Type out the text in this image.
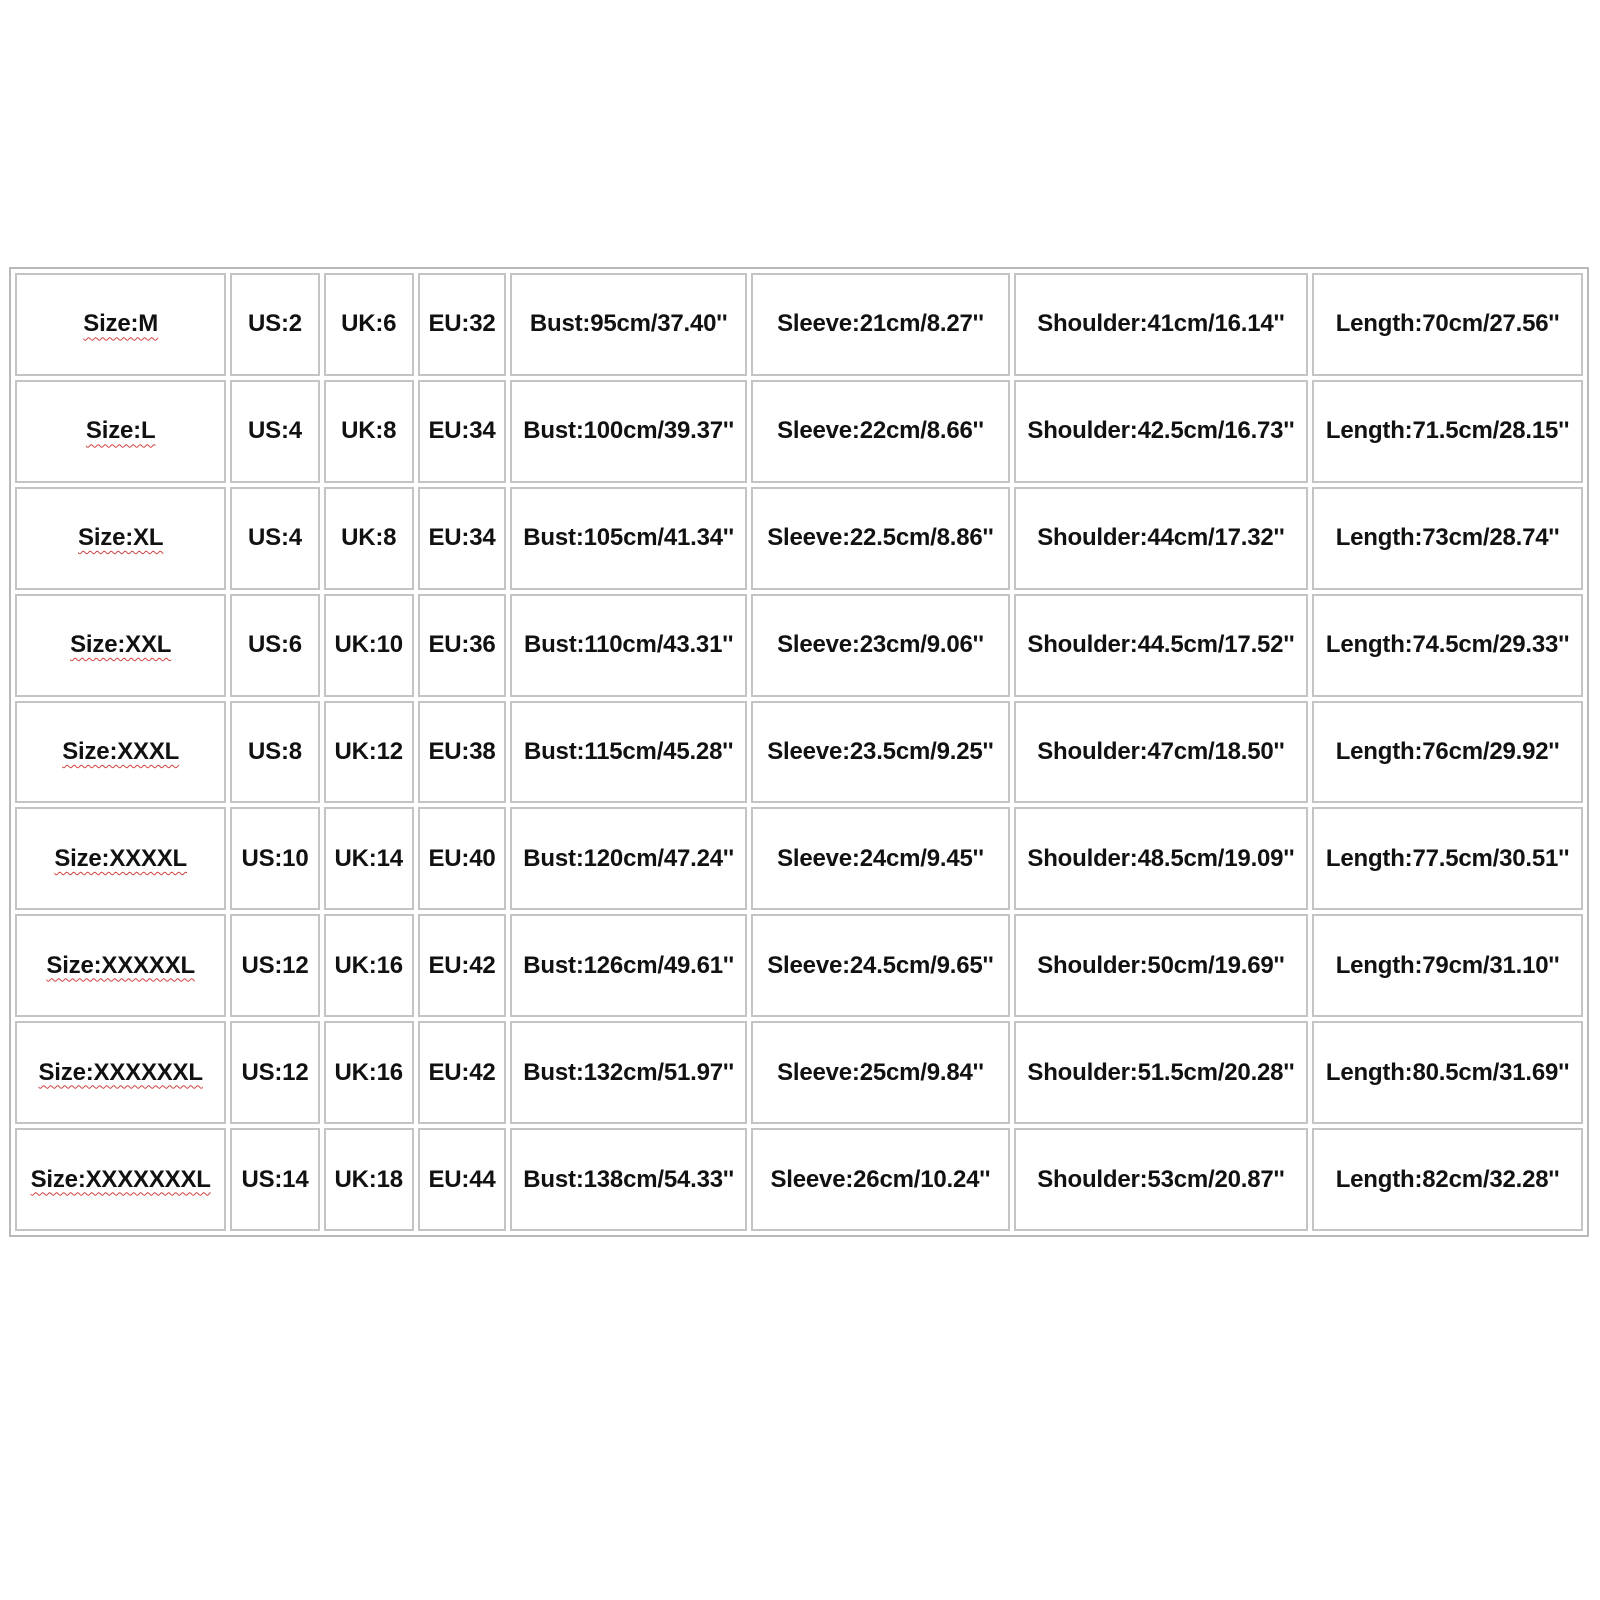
Size:M	US:2	UK:6	EU:32	Bust:95cm/37.40''	Sleeve:21cm/8.27''	Shoulder:41cm/16.14''	Length:70cm/27.56''
Size:L	US:4	UK:8	EU:34	Bust:100cm/39.37''	Sleeve:22cm/8.66''	Shoulder:42.5cm/16.73''	Length:71.5cm/28.15''
Size:XL	US:4	UK:8	EU:34	Bust:105cm/41.34''	Sleeve:22.5cm/8.86''	Shoulder:44cm/17.32''	Length:73cm/28.74''
Size:XXL	US:6	UK:10	EU:36	Bust:110cm/43.31''	Sleeve:23cm/9.06''	Shoulder:44.5cm/17.52''	Length:74.5cm/29.33''
Size:XXXL	US:8	UK:12	EU:38	Bust:115cm/45.28''	Sleeve:23.5cm/9.25''	Shoulder:47cm/18.50''	Length:76cm/29.92''
Size:XXXXL	US:10	UK:14	EU:40	Bust:120cm/47.24''	Sleeve:24cm/9.45''	Shoulder:48.5cm/19.09''	Length:77.5cm/30.51''
Size:XXXXXL	US:12	UK:16	EU:42	Bust:126cm/49.61''	Sleeve:24.5cm/9.65''	Shoulder:50cm/19.69''	Length:79cm/31.10''
Size:XXXXXXL	US:12	UK:16	EU:42	Bust:132cm/51.97''	Sleeve:25cm/9.84''	Shoulder:51.5cm/20.28''	Length:80.5cm/31.69''
Size:XXXXXXXL	US:14	UK:18	EU:44	Bust:138cm/54.33''	Sleeve:26cm/10.24''	Shoulder:53cm/20.87''	Length:82cm/32.28''
